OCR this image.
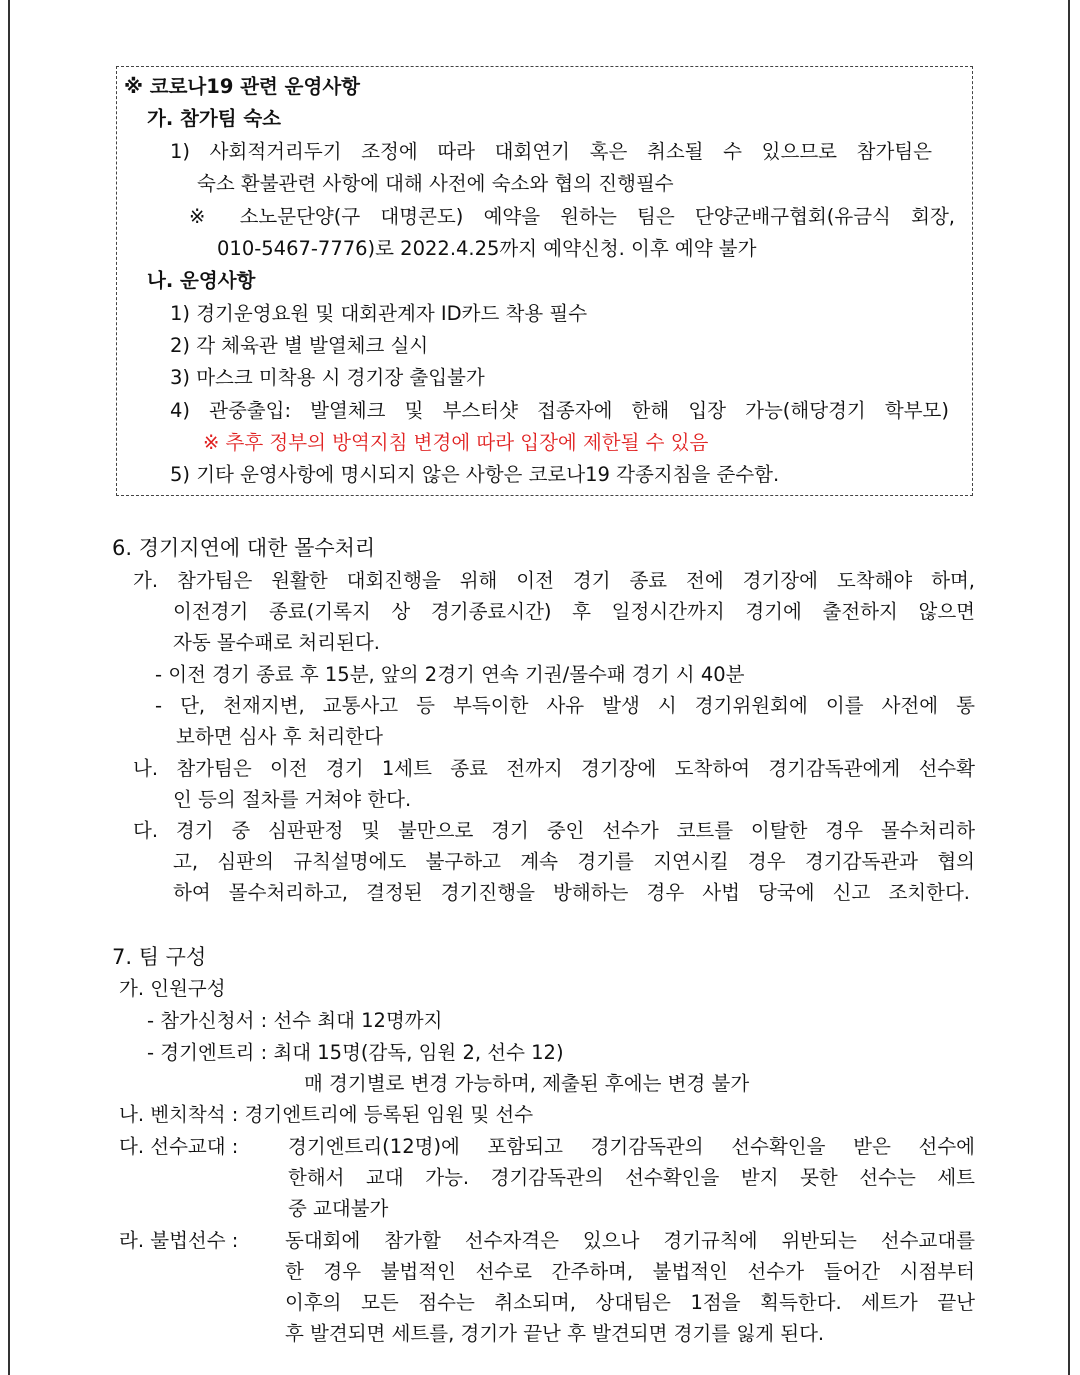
※ 코로나19 관련 운영사항
가. 참가팀 숙소
1) 사회적거리두기 조정에 따라 대회연기 혹은 취소될 수 있으므로 참가팀은
숙소 환불관련 사항에 대해 사전에 숙소와 협의 진행필수
※ 소노문단양(구 대명콘도) 예약을 원하는 팀은 단양군배구협회(유금식 회장,
010-5467-7776)로 2022.4.25까지 예약신청. 이후 예약 불가
나. 운영사항
1) 경기운영요원 및 대회관계자 ID카드 착용 필수
2) 각 체육관 별 발열체크 실시
3) 마스크 미착용 시 경기장 출입불가
4) 관중출입: 발열체크 및 부스터샷 접종자에 한해 입장 가능(해당경기 학부모)
※ 추후 정부의 방역지침 변경에 따라 입장에 제한될 수 있음
5) 기타 운영사항에 명시되지 않은 사항은 코로나19 각종지침을 준수함.
6. 경기지연에 대한 몰수처리
가. 참가팀은 원활한 대회진행을 위해 이전 경기 종료 전에 경기장에 도착해야 하며,
이전경기 종료(기록지 상 경기종료시간) 후 일정시간까지 경기에 출전하지 않으면
자동 몰수패로 처리된다.
- 이전 경기 종료 후 15분, 앞의 2경기 연속 기권/몰수패 경기 시 40분
- 단, 천재지변, 교통사고 등 부득이한 사유 발생 시 경기위원회에 이를 사전에 통
보하면 심사 후 처리한다
나. 참가팀은 이전 경기 1세트 종료 전까지 경기장에 도착하여 경기감독관에게 선수확
인 등의 절차를 거쳐야 한다.
다. 경기 중 심판판정 및 불만으로 경기 중인 선수가 코트를 이탈한 경우 몰수처리하
고, 심판의 규칙설명에도 불구하고 계속 경기를 지연시킬 경우 경기감독관과 협의
하여 몰수처리하고, 결정된 경기진행을 방해하는 경우 사법 당국에 신고 조치한다.
7. 팀 구성
가. 인원구성
- 참가신청서 : 선수 최대 12명까지
- 경기엔트리 : 최대 15명(감독, 임원 2, 선수 12)
매 경기별로 변경 가능하며, 제출된 후에는 변경 불가
나. 벤치착석 : 경기엔트리에 등록된 임원 및 선수
다. 선수교대 :	경기엔트리(12명)에 포함되고 경기감독관의 선수확인을 받은 선수에
한해서 교대 가능. 경기감독관의 선수확인을 받지 못한 선수는 세트
중 교대불가
라. 불법선수 : 동대회에 참가할 선수자격은 있으나 경기규칙에 위반되는 선수교대를
한 경우 불법적인 선수로 간주하며, 불법적인 선수가 들어간 시점부터
이후의 모든 점수는 취소되며, 상대팀은 1점을 획득한다. 세트가 끝난
후 발견되면 세트를, 경기가 끝난 후 발견되면 경기를 잃게 된다.
